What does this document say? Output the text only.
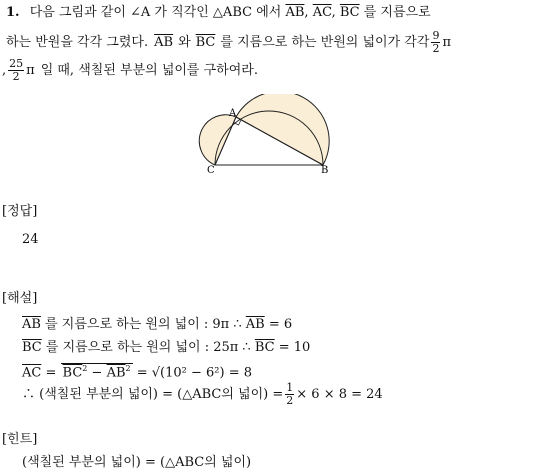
1. 다음 그림과 같이 ∠A 가 직각인 △ABC 에서 $\overline{AB}$, $\overline{AC}$, $\overline{BC}$ 를 지름으로
하는 반원을 각각 그렸다. $\overline{AB}$ 와 $\overline{BC}$ 를 지름으로 하는 반원의 넓이가 각각 $\frac{9}{2}$ π
, $\frac{25}{2}$ π 일 때, 색칠된 부분의 넓이를 구하여라.
A
B
C
[정답]
24
[해설]
$\overline{AB}$ 를 지름으로 하는 원의 넓이 : 9π ∴ $\overline{AB} = 6$
$\overline{BC}$ 를 지름으로 하는 원의 넓이 : 25π ∴ $\overline{BC} = 10$
$\overline{AC} = \overline{BC}^2 - \overline{AB}^2 = √(10^2 - 6^2) = 8$
∴ (색칠된 부분의 넓이) = (△ABC의 넓이) = $\frac{1}{2} \times 6 \times 8 = 24$
[힌트]
(색칠된 부분의 넓이) = (△ABC의 넓이)
